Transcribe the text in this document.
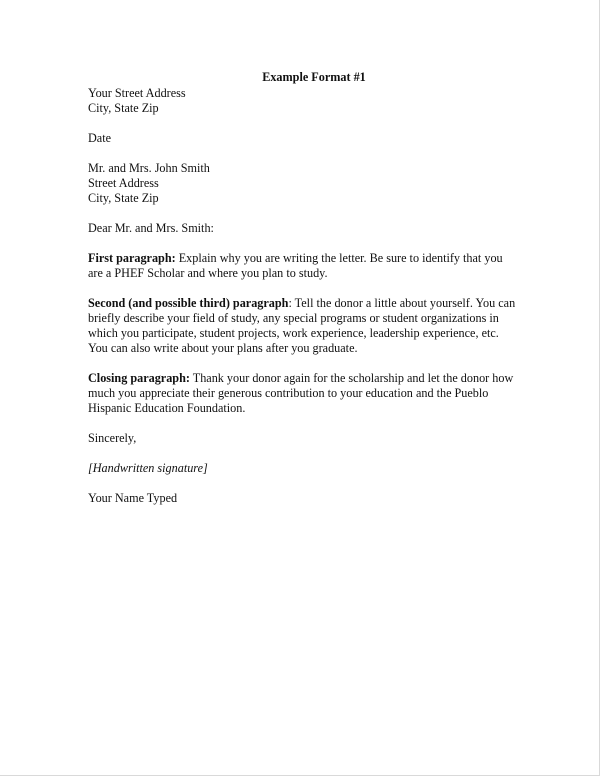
Example Format #1
Your Street Address
City, State Zip
Date
Mr. and Mrs. John Smith
Street Address
City, State Zip
Dear Mr. and Mrs. Smith:

First paragraph: Explain why you are writing the letter. Be sure to identify that you are a PHEF Scholar and where you plan to study.

Second (and possible third) paragraph: Tell the donor a little about yourself. You can briefly describe your field of study, any special programs or student organizations in which you participate, student projects, work experience, leadership experience, etc. You can also write about your plans after you graduate.

Closing paragraph: Thank your donor again for the scholarship and let the donor how much you appreciate their generous contribution to your education and the Pueblo Hispanic Education Foundation.

Sincerely,
[Handwritten signature]
Your Name Typed
